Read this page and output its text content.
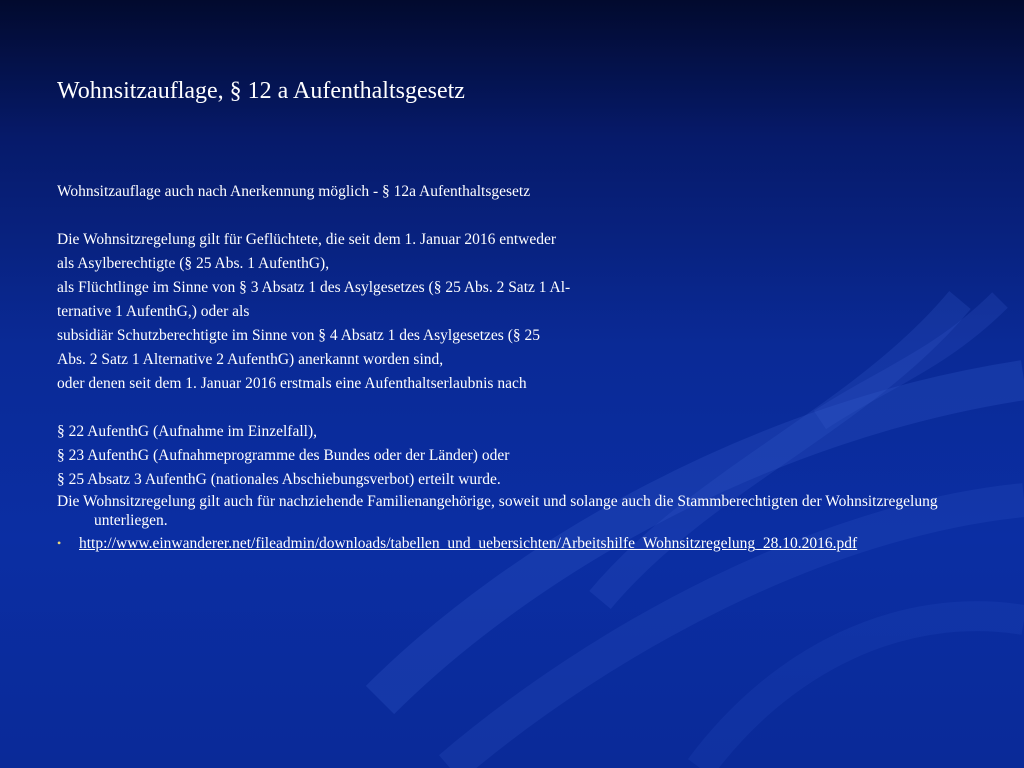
Wohnsitzauflage, § 12 a Aufenthaltsgesetz
Wohnsitzauflage auch nach Anerkennung möglich - § 12a Aufenthaltsgesetz
Die Wohnsitzregelung gilt für Geflüchtete, die seit dem 1. Januar 2016 entweder
als Asylberechtigte (§ 25 Abs. 1 AufenthG),
als Flüchtlinge im Sinne von § 3 Absatz 1 des Asylgesetzes (§ 25 Abs. 2 Satz 1 Al-
ternative 1 AufenthG,) oder als
subsidiär Schutzberechtigte im Sinne von § 4 Absatz 1 des Asylgesetzes (§ 25
Abs. 2 Satz 1 Alternative 2 AufenthG) anerkannt worden sind,
oder denen seit dem 1. Januar 2016 erstmals eine Aufenthaltserlaubnis nach
§ 22 AufenthG (Aufnahme im Einzelfall),
§ 23 AufenthG (Aufnahmeprogramme des Bundes oder der Länder) oder
§ 25 Absatz 3 AufenthG (nationales Abschiebungsverbot) erteilt wurde.
Die Wohnsitzregelung gilt auch für nachziehende Familienangehörige, soweit und solange auch die Stammberechtigten der Wohnsitzregelung unterliegen.
• http://www.einwanderer.net/fileadmin/downloads/tabellen_und_uebersichten/Arbeitshilfe_Wohnsitzregelung_28.10.2016.pdf
